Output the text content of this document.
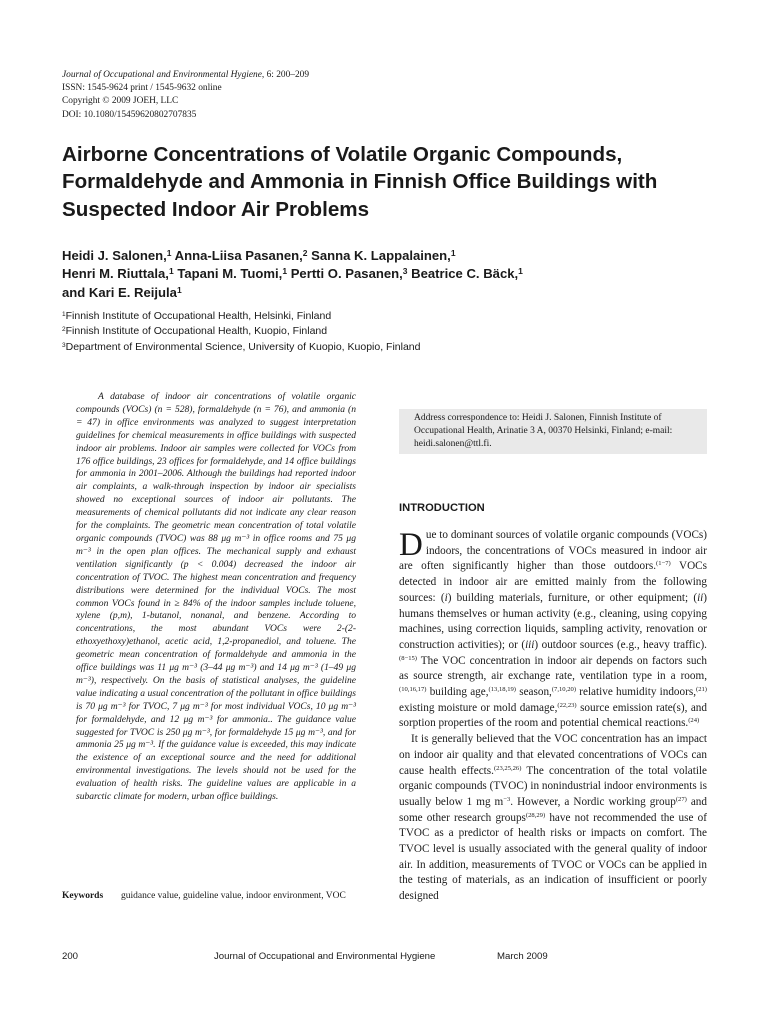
Journal of Occupational and Environmental Hygiene, 6: 200–209
ISSN: 1545-9624 print / 1545-9632 online
Copyright © 2009 JOEH, LLC
DOI: 10.1080/15459620802707835
Airborne Concentrations of Volatile Organic Compounds, Formaldehyde and Ammonia in Finnish Office Buildings with Suspected Indoor Air Problems
Heidi J. Salonen,$^1$ Anna-Liisa Pasanen,$^2$ Sanna K. Lappalainen,$^1$
Henri M. Riuttala,$^1$ Tapani M. Tuomi,$^1$ Pertti O. Pasanen,$^3$ Beatrice C. Bäck,$^1$
and Kari E. Reijula$^1$
$^1$Finnish Institute of Occupational Health, Helsinki, Finland
$^2$Finnish Institute of Occupational Health, Kuopio, Finland
$^3$Department of Environmental Science, University of Kuopio, Kuopio, Finland

A database of indoor air concentrations of volatile organic compounds (VOCs) (n = 528), formaldehyde (n = 76), and ammonia (n = 47) in office environments was analyzed to suggest interpretation guidelines for chemical measurements in office buildings with suspected indoor air problems. Indoor air samples were collected for VOCs from 176 office buildings, 23 offices for formaldehyde, and 14 office buildings for ammonia in 2001–2006. Although the buildings had reported indoor air complaints, a walk-through inspection by indoor air specialists showed no exceptional sources of indoor air pollutants. The measurements of chemical pollutants did not indicate any clear reason for the complaints. The geometric mean concentration of total volatile organic compounds (TVOC) was 88 μg m⁻³ in office rooms and 75 μg m⁻³ in the open plan offices. The mechanical supply and exhaust ventilation significantly (p < 0.004) decreased the indoor air concentration of TVOC. The highest mean concentration and frequency distributions were determined for the individual VOCs. The most common VOCs found in ≥ 84% of the indoor samples include toluene, xylene (p,m), 1-butanol, nonanal, and benzene. According to concentrations, the most abundant VOCs were 2-(2-ethoxyethoxy)ethanol, acetic acid, 1,2-propanediol, and toluene. The geometric mean concentration of formaldehyde and ammonia in the office buildings was 11 μg m⁻³ (3–44 μg m⁻³) and 14 μg m⁻³ (1–49 μg m⁻³), respectively. On the basis of statistical analyses, the guideline value indicating a usual concentration of the pollutant in office buildings is 70 μg m⁻³ for TVOC, 7 μg m⁻³ for most individual VOCs, 10 μg m⁻³ for formaldehyde, and 12 μg m⁻³ for ammonia.. The guidance value suggested for TVOC is 250 μg m⁻³, for formaldehyde 15 μg m⁻³, and for ammonia 25 μg m⁻³. If the guidance value is exceeded, this may indicate the existence of an exceptional source and the need for additional environmental investigations. The levels should not be used for the evaluation of health risks. The guideline values are applicable in a subarctic climate for modern, urban office buildings.

Keywords guidance value, guideline value, indoor environment, VOC
Address correspondence to: Heidi J. Salonen, Finnish Institute of Occupational Health, Arinatie 3 A, 00370 Helsinki, Finland; e-mail: heidi.salonen@ttl.fi.
INTRODUCTION

Due to dominant sources of volatile organic compounds (VOCs) indoors, the concentrations of VOCs measured in indoor air are often significantly higher than those outdoors.$^{(1-7)}$ VOCs detected in indoor air are emitted mainly from the following sources: (i) building materials, furniture, or other equipment; (ii) humans themselves or human activity (e.g., cleaning, using copying machines, using correction liquids, sampling activity, renovation or construction activities); or (iii) outdoor sources (e.g., heavy traffic).$^{(8-15)}$ The VOC concentration in indoor air depends on factors such as source strength, air exchange rate, ventilation type in a room,$^{(10,16,17)}$ building age,$^{(13,18,19)}$ season,$^{(7,10,20)}$ relative humidity indoors,$^{(21)}$ existing moisture or mold damage,$^{(22,23)}$ source emission rate(s), and sorption properties of the room and potential chemical reactions.$^{(24)}$

It is generally believed that the VOC concentration has an impact on indoor air quality and that elevated concentrations of VOCs can cause health effects.$^{(23,25,26)}$ The concentration of the total volatile organic compounds (TVOC) in nonindustrial indoor environments is usually below 1 mg $m^{-3}$. However, a Nordic working group$^{(27)}$ and some other research groups$^{(28,29)}$ have not recommended the use of TVOC as a predictor of health risks or impacts on comfort. The TVOC level is usually associated with the general quality of indoor air. In addition, measurements of TVOC or VOCs can be applied in the testing of materials, as an indication of insufficient or poorly designed

200	Journal of Occupational and Environmental Hygiene	March 2009
